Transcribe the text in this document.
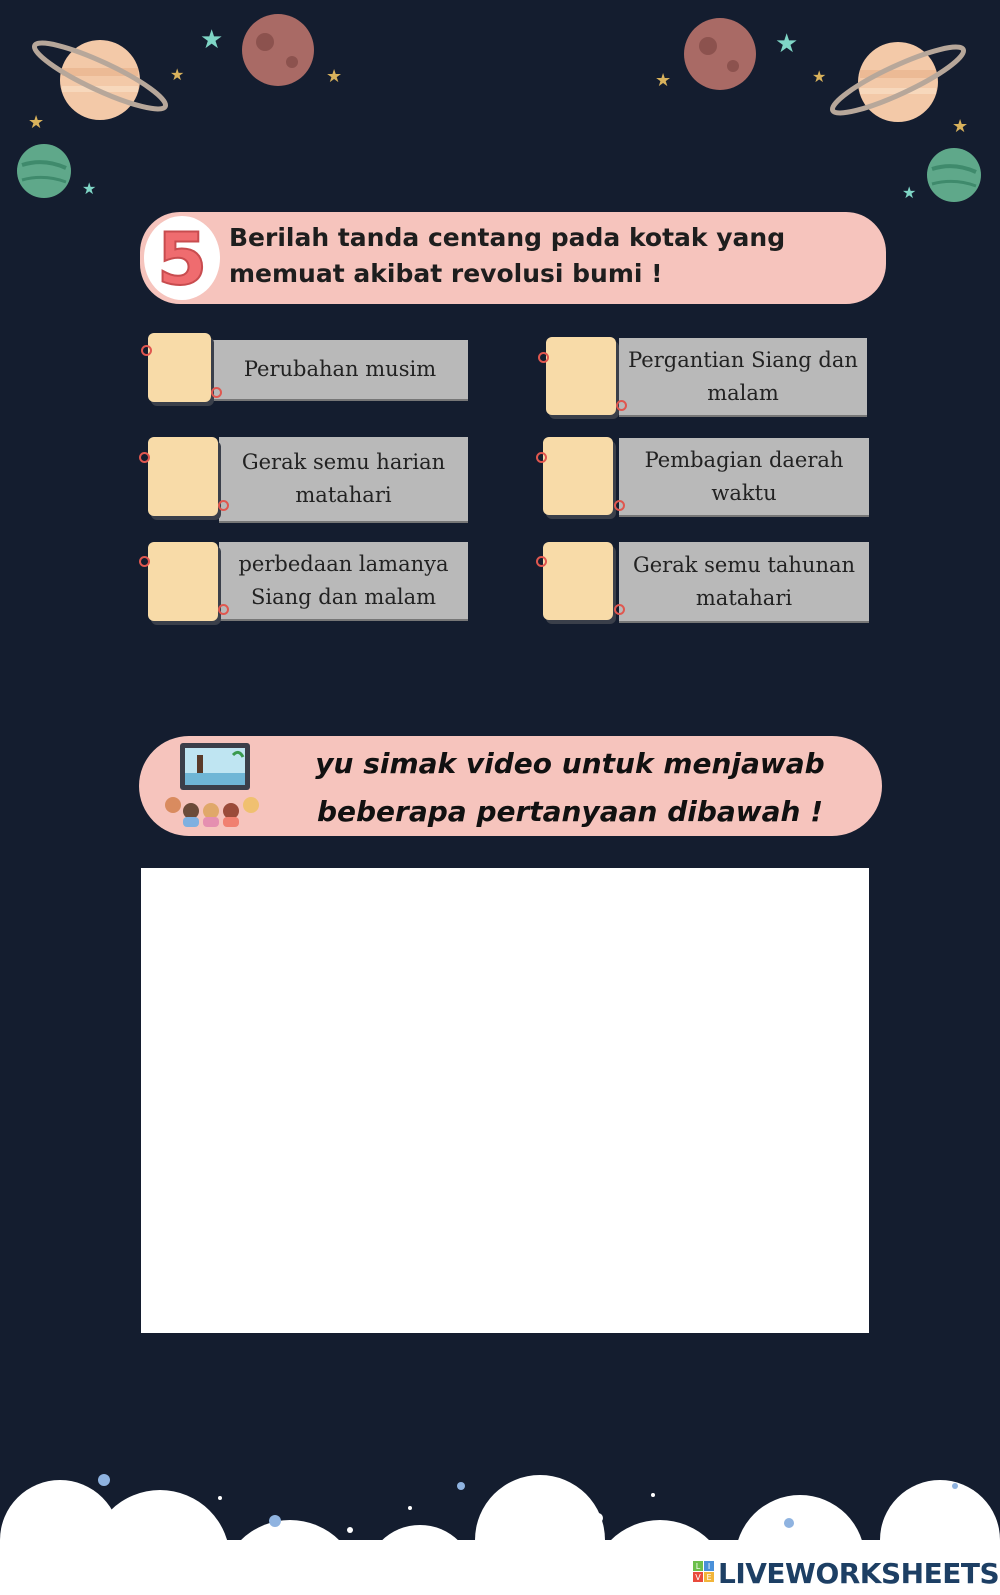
★
★	★
★
★
★
★	★
★
★
5 Berilah tanda centang pada kotak yang memuat akibat revolusi bumi !
Perubahan musim	Pergantian Siang dan malam
Gerak semu harian matahari
Pembagian daerah waktu
perbedaan lamanya Siang dan malam
Gerak semu tahunan matahari
yu simak video untuk menjawab beberapa pertanyaan dibawah !
L I
V E LIVEWORKSHEETS
